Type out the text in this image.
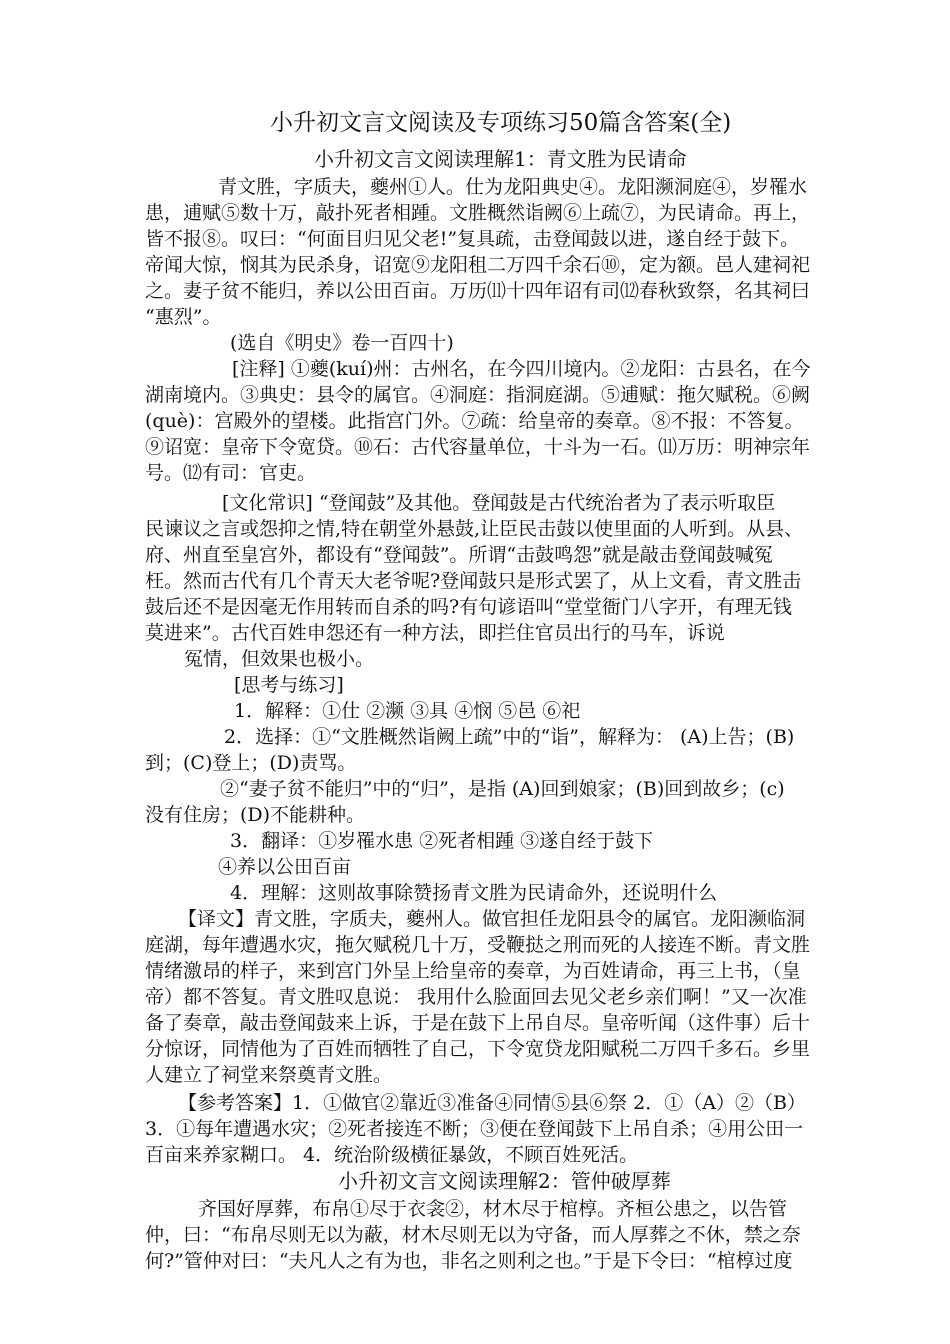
小升初文言文阅读及专项练习50篇含答案(全)
小升初文言文阅读理解1：青文胜为民请命
青文胜，字质夫，夔州①人。仕为龙阳典史④。龙阳濒洞庭④，岁罹水
患，逋赋⑤数十万，敲扑死者相踵。文胜概然诣阙⑥上疏⑦，为民请命。再上，
皆不报⑧。叹曰：“何面目归见父老!”复具疏，击登闻鼓以进，遂自经于鼓下。
帝闻大惊，悯其为民杀身，诏宽⑨龙阳租二万四千余石⑩，定为额。邑人建祠祀
之。妻子贫不能归，养以公田百亩。万历⑾十四年诏有司⑿春秋致祭，名其祠曰
“惠烈”。
(选自《明史》卷一百四十)
[注释] ①夔(kuí)州：古州名，在今四川境内。②龙阳：古县名，在今
湖南境内。③典史：县令的属官。④洞庭：指洞庭湖。⑤逋赋：拖欠赋税。⑥阙
(què)：宫殿外的望楼。此指宫门外。⑦疏：给皇帝的奏章。⑧不报：不答复。
⑨诏宽：皇帝下令宽贷。⑩石：古代容量单位，十斗为一石。⑾万历：明神宗年
号。⑿有司：官吏。
[文化常识] “登闻鼓”及其他。登闻鼓是古代统治者为了表示听取臣
民谏议之言或怨抑之情,特在朝堂外悬鼓,让臣民击鼓以使里面的人听到。从县、
府、州直至皇宫外，都设有“登闻鼓”。所谓“击鼓鸣怨”就是敲击登闻鼓喊冤
枉。然而古代有几个青天大老爷呢?登闻鼓只是形式罢了，从上文看，青文胜击
鼓后还不是因毫无作用转而自杀的吗?有句谚语叫“堂堂衙门八字开，有理无钱
莫进来”。古代百姓申怨还有一种方法，即拦住官员出行的马车，诉说
冤情，但效果也极小。
[思考与练习]
1．解释：①仕 ②濒 ③具 ④悯 ⑤邑 ⑥祀
2．选择：①“文胜概然诣阙上疏”中的“诣”，解释为： (A)上告；(B)
到；(C)登上；(D)责骂。
②“妻子贫不能归”中的“归”，是指 (A)回到娘家；(B)回到故乡；(c)
没有住房；(D)不能耕种。
3．翻译：①岁罹水患 ②死者相踵 ③遂自经于鼓下
④养以公田百亩
4．理解：这则故事除赞扬青文胜为民请命外，还说明什么
【译文】青文胜，字质夫，夔州人。做官担任龙阳县令的属官。龙阳濒临洞
庭湖，每年遭遇水灾，拖欠赋税几十万，受鞭挞之刑而死的人接连不断。青文胜
情绪激昂的样子，来到宫门外呈上给皇帝的奏章，为百姓请命，再三上书，（皇
帝）都不答复。青文胜叹息说： 我用什么脸面回去见父老乡亲们啊！”又一次准
备了奏章，敲击登闻鼓来上诉，于是在鼓下上吊自尽。皇帝听闻（这件事）后十
分惊讶，同情他为了百姓而牺牲了自己，下令宽贷龙阳赋税二万四千多石。乡里
人建立了祠堂来祭奠青文胜。
【参考答案】1．①做官②靠近③准备④同情⑤县⑥祭 2．①（A）②（B）
3．①每年遭遇水灾；②死者接连不断；③便在登闻鼓下上吊自杀；④用公田一
百亩来养家糊口。 4．统治阶级横征暴敛，不顾百姓死活。
小升初文言文阅读理解2：管仲破厚葬
齐国好厚葬，布帛①尽于衣衾②，材木尽于棺椁。齐桓公患之，以告管
仲，曰：“布帛尽则无以为蔽，材木尽则无以为守备，而人厚葬之不休，禁之奈
何?”管仲对曰：“夫凡人之有为也，非名之则利之也。”于是下令曰：“棺椁过度
